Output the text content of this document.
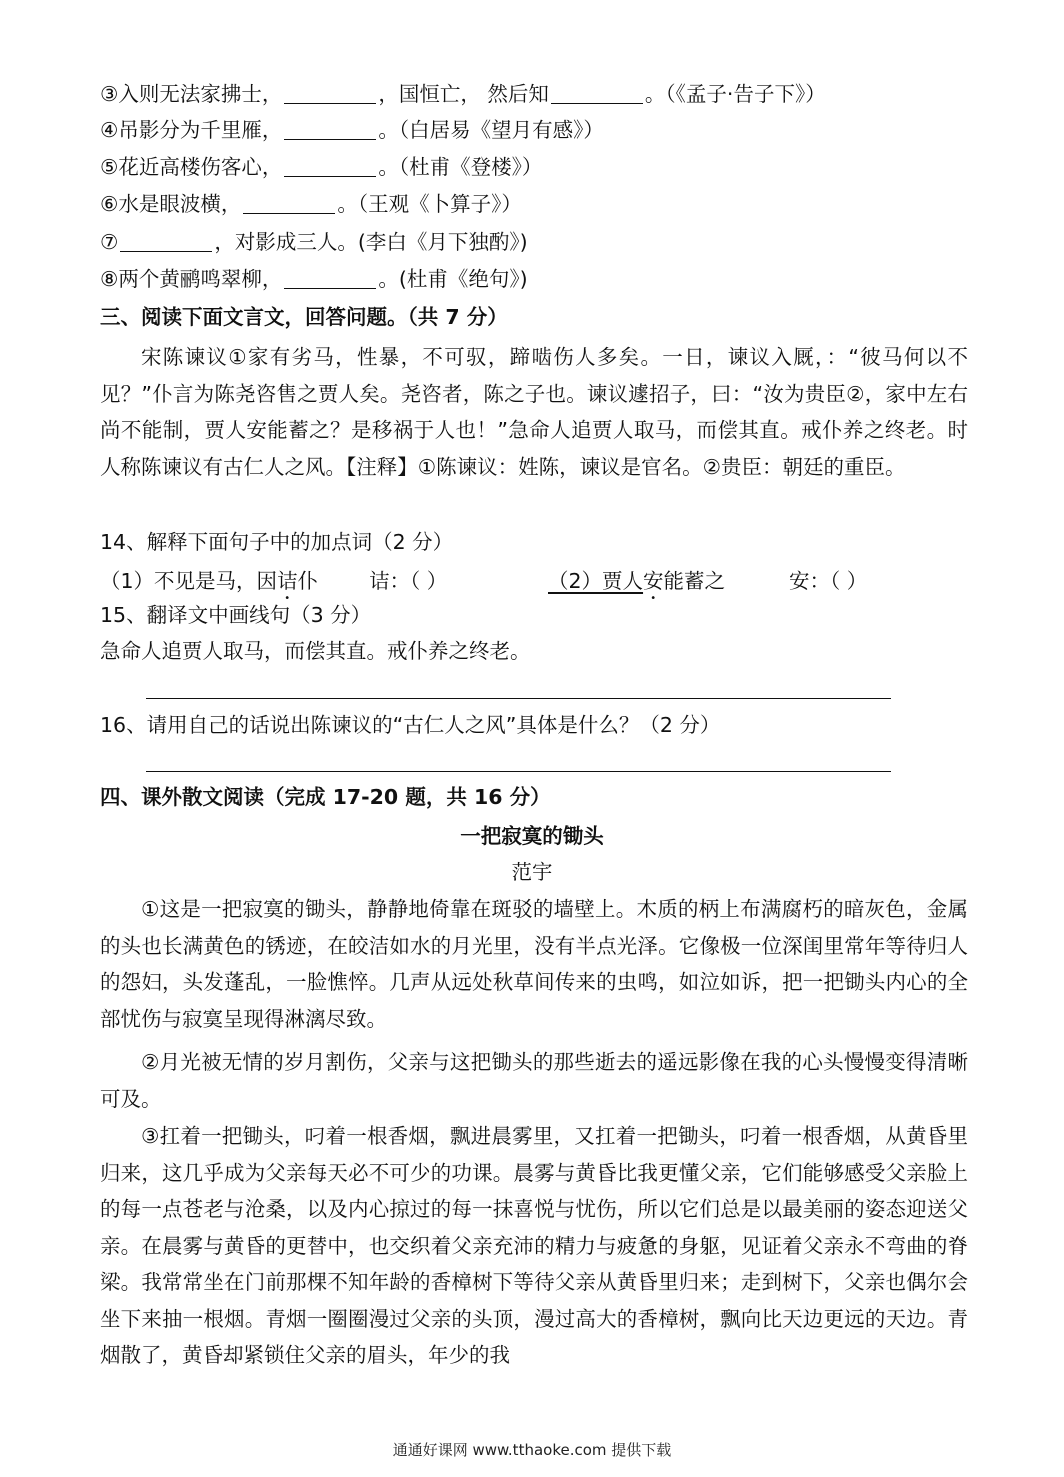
③入则无法家拂士，	，国恒亡， 然后知	。（《孟子·告子下》）
④吊影分为千里雁，	。（白居易《望月有感》）
⑤花近高楼伤客心，	。（杜甫《登楼》）
⑥水是眼波横，	。（王观《卜算子》）
⑦	，对影成三人。(李白《月下独酌》)
⑧两个黄鹂鸣翠柳，	。(杜甫《绝句》)
三、阅读下面文言文，回答问题。（共 7 分）

宋陈谏议①家有劣马，性暴，不可驭，蹄啮伤人多矣。一日，谏议入厩，：“彼马何以不见？”仆言为陈尧咨售之贾人矣。尧咨者，陈之子也。谏议遽招子，曰：“汝为贵臣②，家中左右尚不能制，贾人安能蓄之？是移祸于人也！”急命人追贾人取马，而偿其直。戒仆养之终老。时人称陈谏议有古仁人之风。【注释】①陈谏议：姓陈，谏议是官名。②贵臣：朝廷的重臣。

14、解释下面句子中的加点词（2 分）
（1）不见是马，因诘仆 诘：（ ）	（2）贾人安能蓄之	安：（ ）
15、翻译文中画线句（3 分）
急命人追贾人取马，而偿其直。戒仆养之终老。
16、请用自己的话说出陈谏议的“古仁人之风”具体是什么？（2 分）
四、课外散文阅读（完成 17-20 题，共 16 分）
一把寂寞的锄头
范宇

①这是一把寂寞的锄头，静静地倚靠在斑驳的墙壁上。木质的柄上布满腐朽的暗灰色，金属的头也长满黄色的锈迹，在皎洁如水的月光里，没有半点光泽。它像极一位深闺里常年等待归人的怨妇，头发蓬乱，一脸憔悴。几声从远处秋草间传来的虫鸣，如泣如诉，把一把锄头内心的全部忧伤与寂寞呈现得淋漓尽致。

②月光被无情的岁月割伤，父亲与这把锄头的那些逝去的遥远影像在我的心头慢慢变得清晰可及。

③扛着一把锄头，叼着一根香烟，飘进晨雾里，又扛着一把锄头，叼着一根香烟，从黄昏里归来，这几乎成为父亲每天必不可少的功课。晨雾与黄昏比我更懂父亲，它们能够感受父亲脸上的每一点苍老与沧桑，以及内心掠过的每一抹喜悦与忧伤，所以它们总是以最美丽的姿态迎送父亲。在晨雾与黄昏的更替中，也交织着父亲充沛的精力与疲惫的身躯，见证着父亲永不弯曲的脊梁。我常常坐在门前那棵不知年龄的香樟树下等待父亲从黄昏里归来；走到树下，父亲也偶尔会坐下来抽一根烟。青烟一圈圈漫过父亲的头顶，漫过高大的香樟树，飘向比天边更远的天边。青烟散了，黄昏却紧锁住父亲的眉头，年少的我

通通好课网 www.tthaoke.com 提供下载
